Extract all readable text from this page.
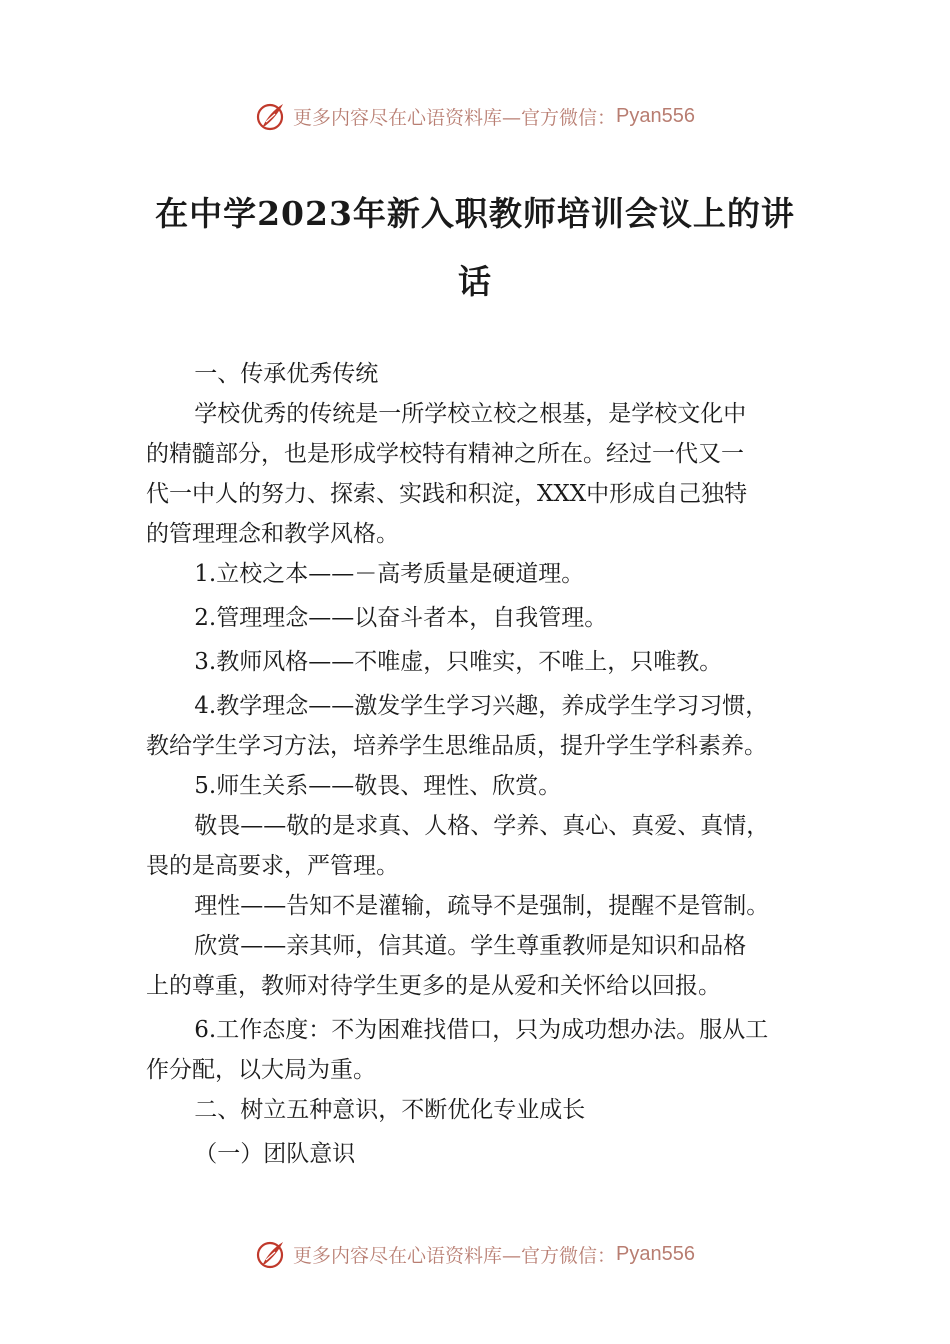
更多内容尽在心语资料库—官方微信： Pyan556
在中学2023年新入职教师培训会议上的讲
话

一、传承优秀传统

学校优秀的传统是一所学校立校之根基，是学校文化中
的精髓部分，也是形成学校特有精神之所在。经过一代又一
代一中人的努力、探索、实践和积淀，XXX中形成自己独特
的管理理念和教学风格。

1.立校之本——－高考质量是硬道理。

2.管理理念——以奋斗者本，自我管理。

3.教师风格——不唯虚，只唯实，不唯上，只唯教。

4.教学理念——激发学生学习兴趣，养成学生学习习惯，
教给学生学习方法，培养学生思维品质，提升学生学科素养。

5.师生关系——敬畏、理性、欣赏。

敬畏——敬的是求真、人格、学养、真心、真爱、真情，
畏的是高要求，严管理。

理性——告知不是灌输，疏导不是强制，提醒不是管制。

欣赏——亲其师，信其道。学生尊重教师是知识和品格
上的尊重，教师对待学生更多的是从爱和关怀给以回报。

6.工作态度：不为困难找借口，只为成功想办法。服从工
作分配，以大局为重。

二、树立五种意识，不断优化专业成长

（一）团队意识

更多内容尽在心语资料库—官方微信： Pyan556
